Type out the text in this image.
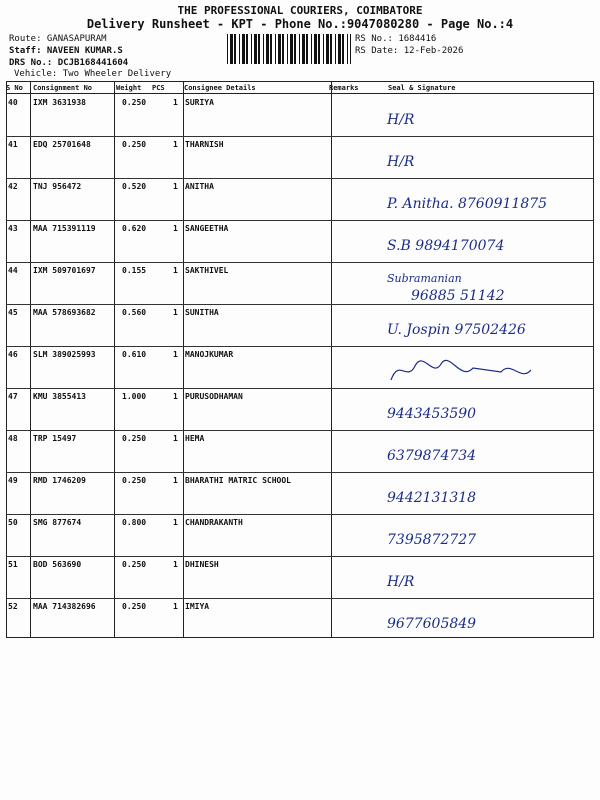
THE PROFESSIONAL COURIERS, COIMBATORE
Delivery Runsheet - KPT - Phone No.:9047080280 - Page No.:4
Route: GANASAPURAM
Staff: NAVEEN KUMAR.S
DRS No.: DCJB168441604
Vehicle: Two Wheeler Delivery
RS No.: 1684416
RS Date: 12-Feb-2026
S No Consignment No	Weight PCS	Consignee Details	Remarks	Seal & Signature
40 IXM 3631938	0.250	1 SURIYA
H/R
41 EDQ 25701648	0.250	1 THARNISH
H/R
42 TNJ 956472	0.520	1 ANITHA
P. Anitha. 8760911875
43 MAA 715391119	0.620	1 SANGEETHA
S.B 9894170074
44 IXM 509701697	0.155	1 SAKTHIVEL
Subramanian
96885 51142
45 MAA 578693682	0.560	1 SUNITHA
U. Jospin 97502426
46 SLM 389025993	0.610	1 MANOJKUMAR
47 KMU 3855413	1.000	1 PURUSODHAMAN
9443453590
48 TRP 15497	0.250	1 HEMA
6379874734
49 RMD 1746209	0.250	1 BHARATHI MATRIC SCHOOL
9442131318
50 SMG 877674	0.800	1 CHANDRAKANTH
7395872727
51 BOD 563690	0.250	1 DHINESH
H/R
52 MAA 714382696	0.250	1 IMIYA
9677605849
